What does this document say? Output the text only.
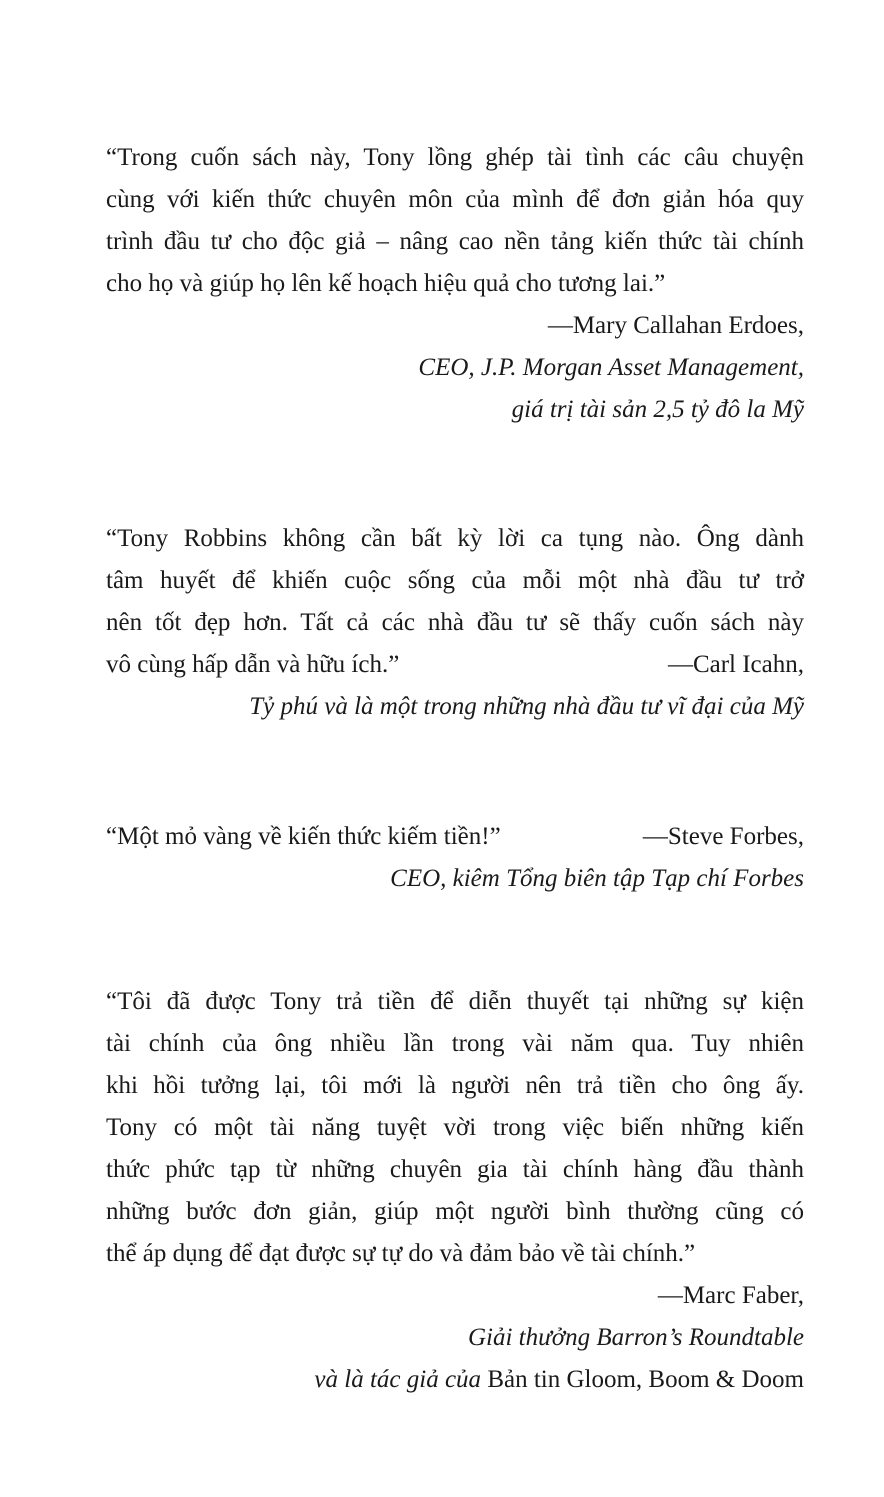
“Trong cuốn sách này, Tony lồng ghép tài tình các câu chuyện
cùng với kiến thức chuyên môn của mình để đơn giản hóa quy
trình đầu tư cho độc giả – nâng cao nền tảng kiến thức tài chính
cho họ và giúp họ lên kế hoạch hiệu quả cho tương lai.”
—Mary Callahan Erdoes,
CEO, J.P. Morgan Asset Management,
giá trị tài sản 2,5 tỷ đô la Mỹ
“Tony Robbins không cần bất kỳ lời ca tụng nào. Ông dành
tâm huyết để khiến cuộc sống của mỗi một nhà đầu tư trở
nên tốt đẹp hơn. Tất cả các nhà đầu tư sẽ thấy cuốn sách này
vô cùng hấp dẫn và hữu ích.”	—Carl Icahn,
Tỷ phú và là một trong những nhà đầu tư vĩ đại của Mỹ
“Một mỏ vàng về kiến thức kiếm tiền!”	—Steve Forbes,
CEO, kiêm Tổng biên tập Tạp chí Forbes
“Tôi đã được Tony trả tiền để diễn thuyết tại những sự kiện
tài chính của ông nhiều lần trong vài năm qua. Tuy nhiên
khi hồi tưởng lại, tôi mới là người nên trả tiền cho ông ấy.
Tony có một tài năng tuyệt vời trong việc biến những kiến
thức phức tạp từ những chuyên gia tài chính hàng đầu thành
những bước đơn giản, giúp một người bình thường cũng có
thể áp dụng để đạt được sự tự do và đảm bảo về tài chính.”
—Marc Faber,
Giải thưởng Barron’s Roundtable
và là tác giả của Bản tin Gloom, Boom & Doom
